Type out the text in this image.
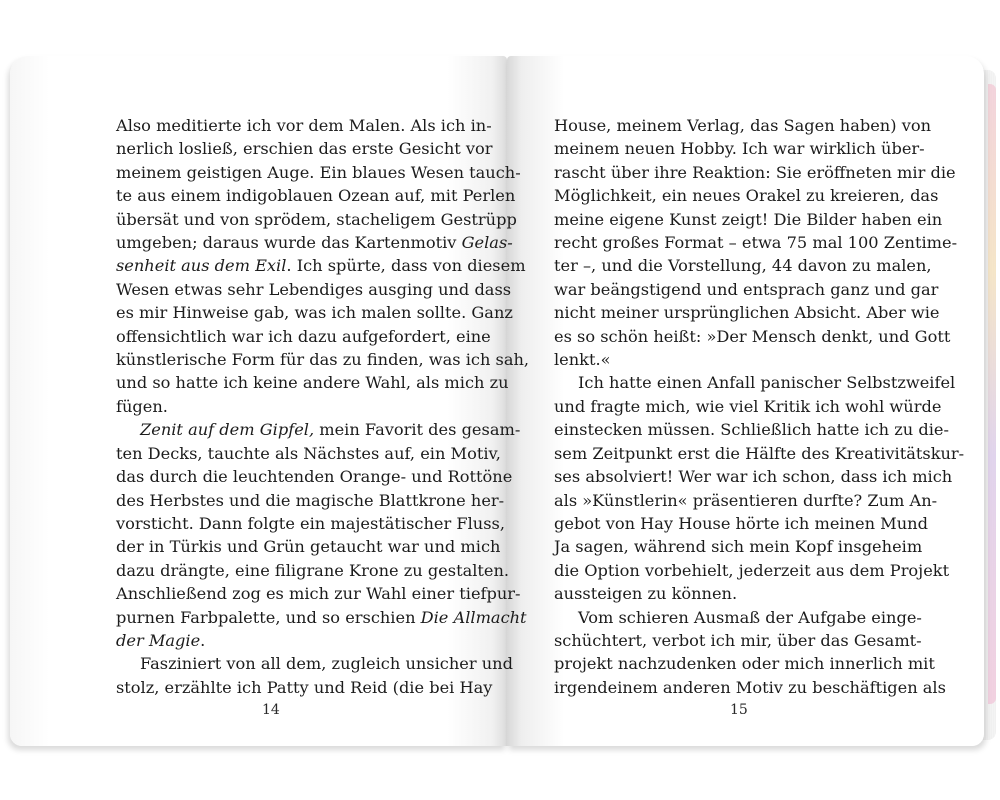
Also meditierte ich vor dem Malen. Als ich in-
nerlich losließ, erschien das erste Gesicht vor
meinem geistigen Auge. Ein blaues Wesen tauch-
te aus einem indigoblauen Ozean auf, mit Perlen
übersät und von sprödem, stacheligem Gestrüpp
umgeben; daraus wurde das Kartenmotiv Gelas-
senheit aus dem Exil. Ich spürte, dass von diesem
Wesen etwas sehr Lebendiges ausging und dass
es mir Hinweise gab, was ich malen sollte. Ganz
offensichtlich war ich dazu aufgefordert, eine
künstlerische Form für das zu finden, was ich sah,
und so hatte ich keine andere Wahl, als mich zu
fügen.
Zenit auf dem Gipfel, mein Favorit des gesam-
ten Decks, tauchte als Nächstes auf, ein Motiv,
das durch die leuchtenden Orange- und Rottöne
des Herbstes und die magische Blattkrone her-
vorsticht. Dann folgte ein majestätischer Fluss,
der in Türkis und Grün getaucht war und mich
dazu drängte, eine filigrane Krone zu gestalten.
Anschließend zog es mich zur Wahl einer tiefpur-
purnen Farbpalette, und so erschien Die Allmacht
der Magie.
Fasziniert von all dem, zugleich unsicher und
stolz, erzählte ich Patty und Reid (die bei Hay
House, meinem Verlag, das Sagen haben) von
meinem neuen Hobby. Ich war wirklich über-
rascht über ihre Reaktion: Sie eröffneten mir die
Möglichkeit, ein neues Orakel zu kreieren, das
meine eigene Kunst zeigt! Die Bilder haben ein
recht großes Format – etwa 75 mal 100 Zentime-
ter –, und die Vorstellung, 44 davon zu malen,
war beängstigend und entsprach ganz und gar
nicht meiner ursprünglichen Absicht. Aber wie
es so schön heißt: »Der Mensch denkt, und Gott
lenkt.«
Ich hatte einen Anfall panischer Selbstzweifel
und fragte mich, wie viel Kritik ich wohl würde
einstecken müssen. Schließlich hatte ich zu die-
sem Zeitpunkt erst die Hälfte des Kreativitätskur-
ses absolviert! Wer war ich schon, dass ich mich
als »Künstlerin« präsentieren durfte? Zum An-
gebot von Hay House hörte ich meinen Mund
Ja sagen, während sich mein Kopf insgeheim
die Option vorbehielt, jederzeit aus dem Projekt
aussteigen zu können.
Vom schieren Ausmaß der Aufgabe einge-
schüchtert, verbot ich mir, über das Gesamt-
projekt nachzudenken oder mich innerlich mit
irgendeinem anderen Motiv zu beschäftigen als
14	15
